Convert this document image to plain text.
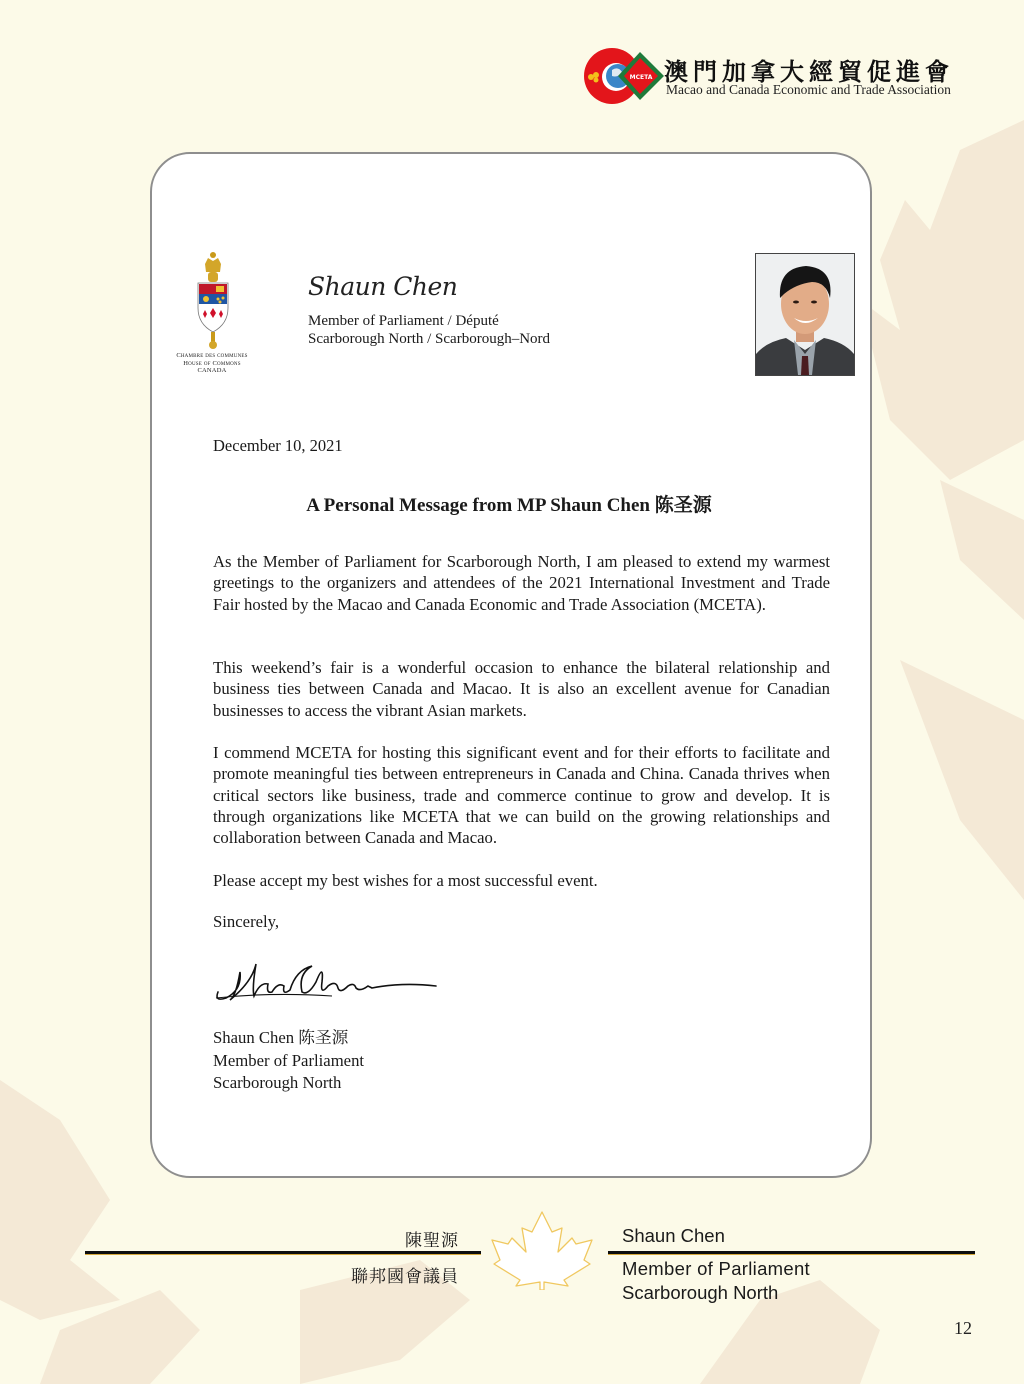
MCETA 澳門加拿大經貿促進會
Macao and Canada Economic and Trade Association
Chambre des communes
House of Commons
CANADA
Shaun Chen
Member of Parliament / Député
Scarborough North / Scarborough–Nord
December 10, 2021
A Personal Message from MP Shaun Chen 陈圣源

As the Member of Parliament for Scarborough North, I am pleased to extend my warmest greetings to the organizers and attendees of the 2021 International Investment and Trade Fair hosted by the Macao and Canada Economic and Trade Association (MCETA).

This weekend’s fair is a wonderful occasion to enhance the bilateral relationship and business ties between Canada and Macao. It is also an excellent avenue for Canadian businesses to access the vibrant Asian markets.

I commend MCETA for hosting this significant event and for their efforts to facilitate and promote meaningful ties between entrepreneurs in Canada and China. Canada thrives when critical sectors like business, trade and commerce continue to grow and develop. It is through organizations like MCETA that we can build on the growing relationships and collaboration between Canada and Macao.

Please accept my best wishes for a most successful event.

Sincerely,
Shaun Chen 陈圣源
Member of Parliament
Scarborough North
陳聖源
聯邦國會議員
Shaun Chen
Member of Parliament
Scarborough North
12
